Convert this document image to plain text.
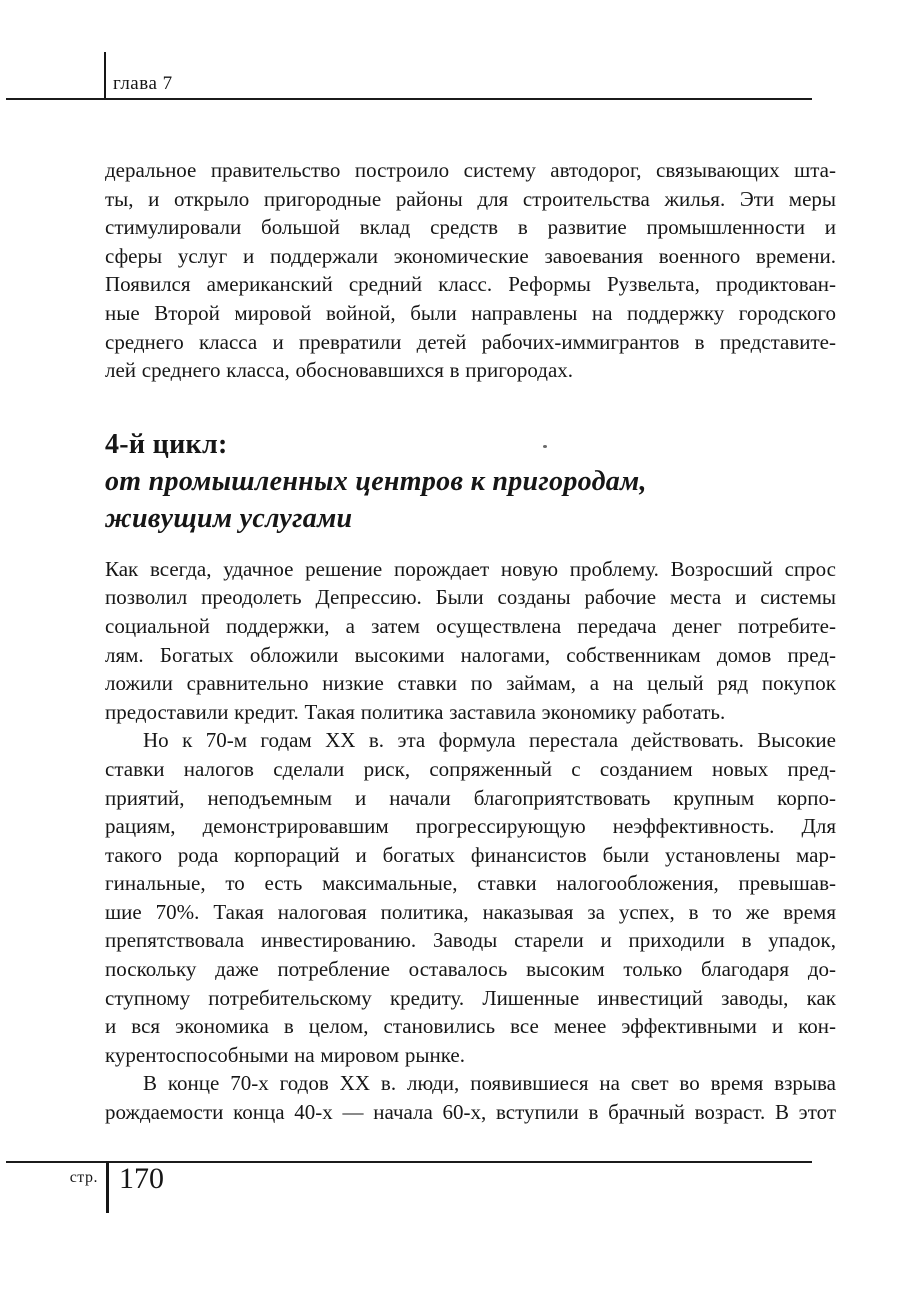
глава 7
деральное правительство построило систему автодорог, связывающих шта-
ты, и открыло пригородные районы для строительства жилья. Эти меры
стимулировали большой вклад средств в развитие промышленности и
сферы услуг и поддержали экономические завоевания военного времени.
Появился американский средний класс. Реформы Рузвельта, продиктован-
ные Второй мировой войной, были направлены на поддержку городского
среднего класса и превратили детей рабочих-иммигрантов в представите-
лей среднего класса, обосновавшихся в пригородах.
4-й цикл:
от промышленных центров к пригородам,
живущим услугами
Как всегда, удачное решение порождает новую проблему. Возросший спрос
позволил преодолеть Депрессию. Были созданы рабочие места и системы
социальной поддержки, а затем осуществлена передача денег потребите-
лям. Богатых обложили высокими налогами, собственникам домов пред-
ложили сравнительно низкие ставки по займам, а на целый ряд покупок
предоставили кредит. Такая политика заставила экономику работать.
Но к 70-м годам XX в. эта формула перестала действовать. Высокие
ставки налогов сделали риск, сопряженный с созданием новых пред-
приятий, неподъемным и начали благоприятствовать крупным корпо-
рациям, демонстрировавшим прогрессирующую неэффективность. Для
такого рода корпораций и богатых финансистов были установлены мар-
гинальные, то есть максимальные, ставки налогообложения, превышав-
шие 70%. Такая налоговая политика, наказывая за успех, в то же время
препятствовала инвестированию. Заводы старели и приходили в упадок,
поскольку даже потребление оставалось высоким только благодаря до-
ступному потребительскому кредиту. Лишенные инвестиций заводы, как
и вся экономика в целом, становились все менее эффективными и кон-
курентоспособными на мировом рынке.
В конце 70-х годов XX в. люди, появившиеся на свет во время взрыва
рождаемости конца 40-х — начала 60-х, вступили в брачный возраст. В этот
стр. 170
